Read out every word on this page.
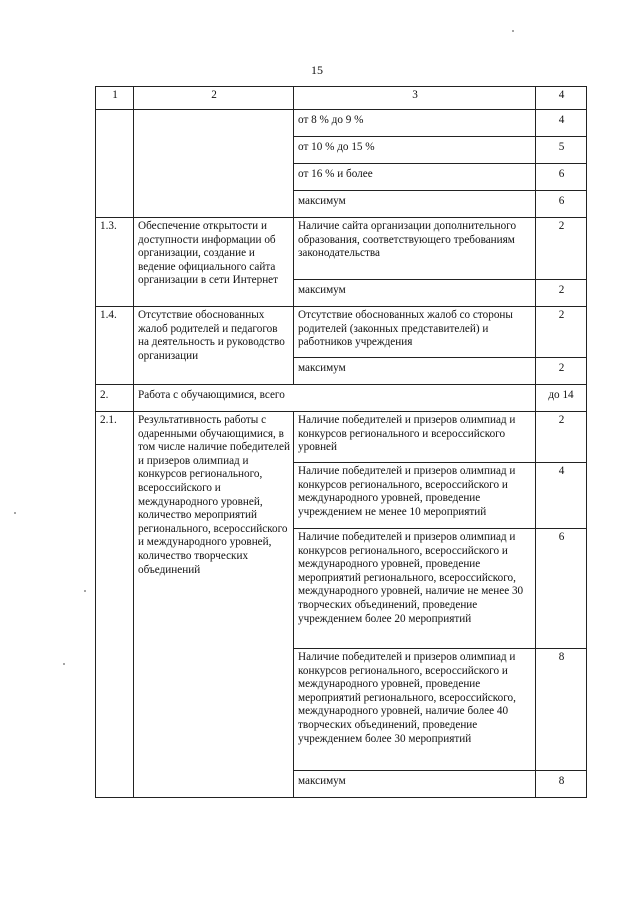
15
1	2	3	4
		от 8 % до 9 %	4
		от 10 % до 15 %	5
		от 16 % и более	6
		максимум	6
1.3.	Обеспечение открытости и доступности информации об организации, создание и ведение официального сайта организации в сети Интернет	Наличие сайта организации дополнительного образования, соответствующего требованиям законодательства	2
		максимум	2
1.4.	Отсутствие обоснованных жалоб родителей и педагогов на деятельность и руководство организации	Отсутствие обоснованных жалоб со стороны родителей (законных представителей) и работников учреждения	2
		максимум	2
2.	Работа с обучающимися, всего		до 14
2.1.	Результативность работы с одаренными обучающимися, в том числе наличие победителей и призеров олимпиад и конкурсов регионального, всероссийского и международного уровней, количество мероприятий регионального, всероссийского и международного уровней, количество творческих объединений	Наличие победителей и призеров олимпиад и конкурсов регионального и всероссийского уровней	2
		Наличие победителей и призеров олимпиад и конкурсов регионального, всероссийского и международного уровней, проведение учреждением не менее 10 мероприятий	4
		Наличие победителей и призеров олимпиад и конкурсов регионального, всероссийского и международного уровней, проведение мероприятий регионального, всероссийского, международного уровней, наличие не менее 30 творческих объединений, проведение учреждением более 20 мероприятий	6
		Наличие победителей и призеров олимпиад и конкурсов регионального, всероссийского и международного уровней, проведение мероприятий регионального, всероссийского, международного уровней, наличие более 40 творческих объединений, проведение учреждением более 30 мероприятий	8
		максимум	8
